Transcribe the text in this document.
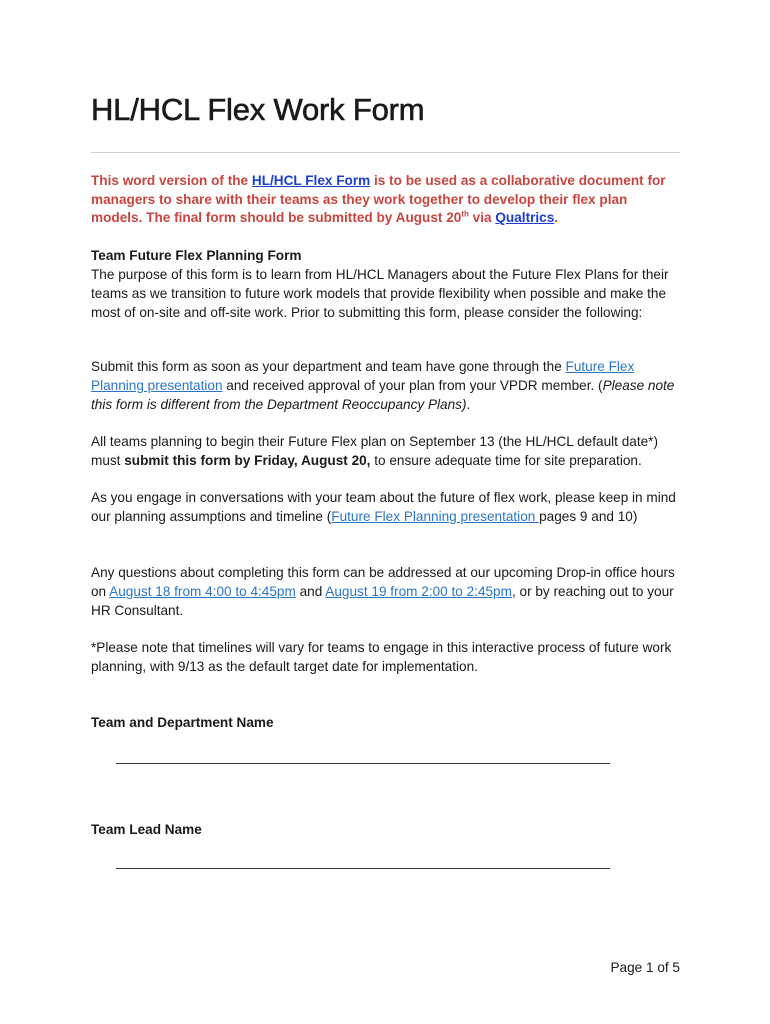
HL/HCL Flex Work Form

This word version of the HL/HCL Flex Form is to be used as a collaborative document for managers to share with their teams as they work together to develop their flex plan models. The final form should be submitted by August 20th via Qualtrics.

Team Future Flex Planning Form

The purpose of this form is to learn from HL/HCL Managers about the Future Flex Plans for their teams as we transition to future work models that provide flexibility when possible and make the most of on-site and off-site work. Prior to submitting this form, please consider the following:

Submit this form as soon as your department and team have gone through the Future Flex Planning presentation and received approval of your plan from your VPDR member. (Please note this form is different from the Department Reoccupancy Plans).

All teams planning to begin their Future Flex plan on September 13 (the HL/HCL default date*) must submit this form by Friday, August 20, to ensure adequate time for site preparation.

As you engage in conversations with your team about the future of flex work, please keep in mind our planning assumptions and timeline (Future Flex Planning presentation pages 9 and 10)

Any questions about completing this form can be addressed at our upcoming Drop-in office hours on August 18 from 4:00 to 4:45pm and August 19 from 2:00 to 2:45pm, or by reaching out to your HR Consultant.

*Please note that timelines will vary for teams to engage in this interactive process of future work planning, with 9/13 as the default target date for implementation.

Team and Department Name

Team Lead Name

Page 1 of 5
